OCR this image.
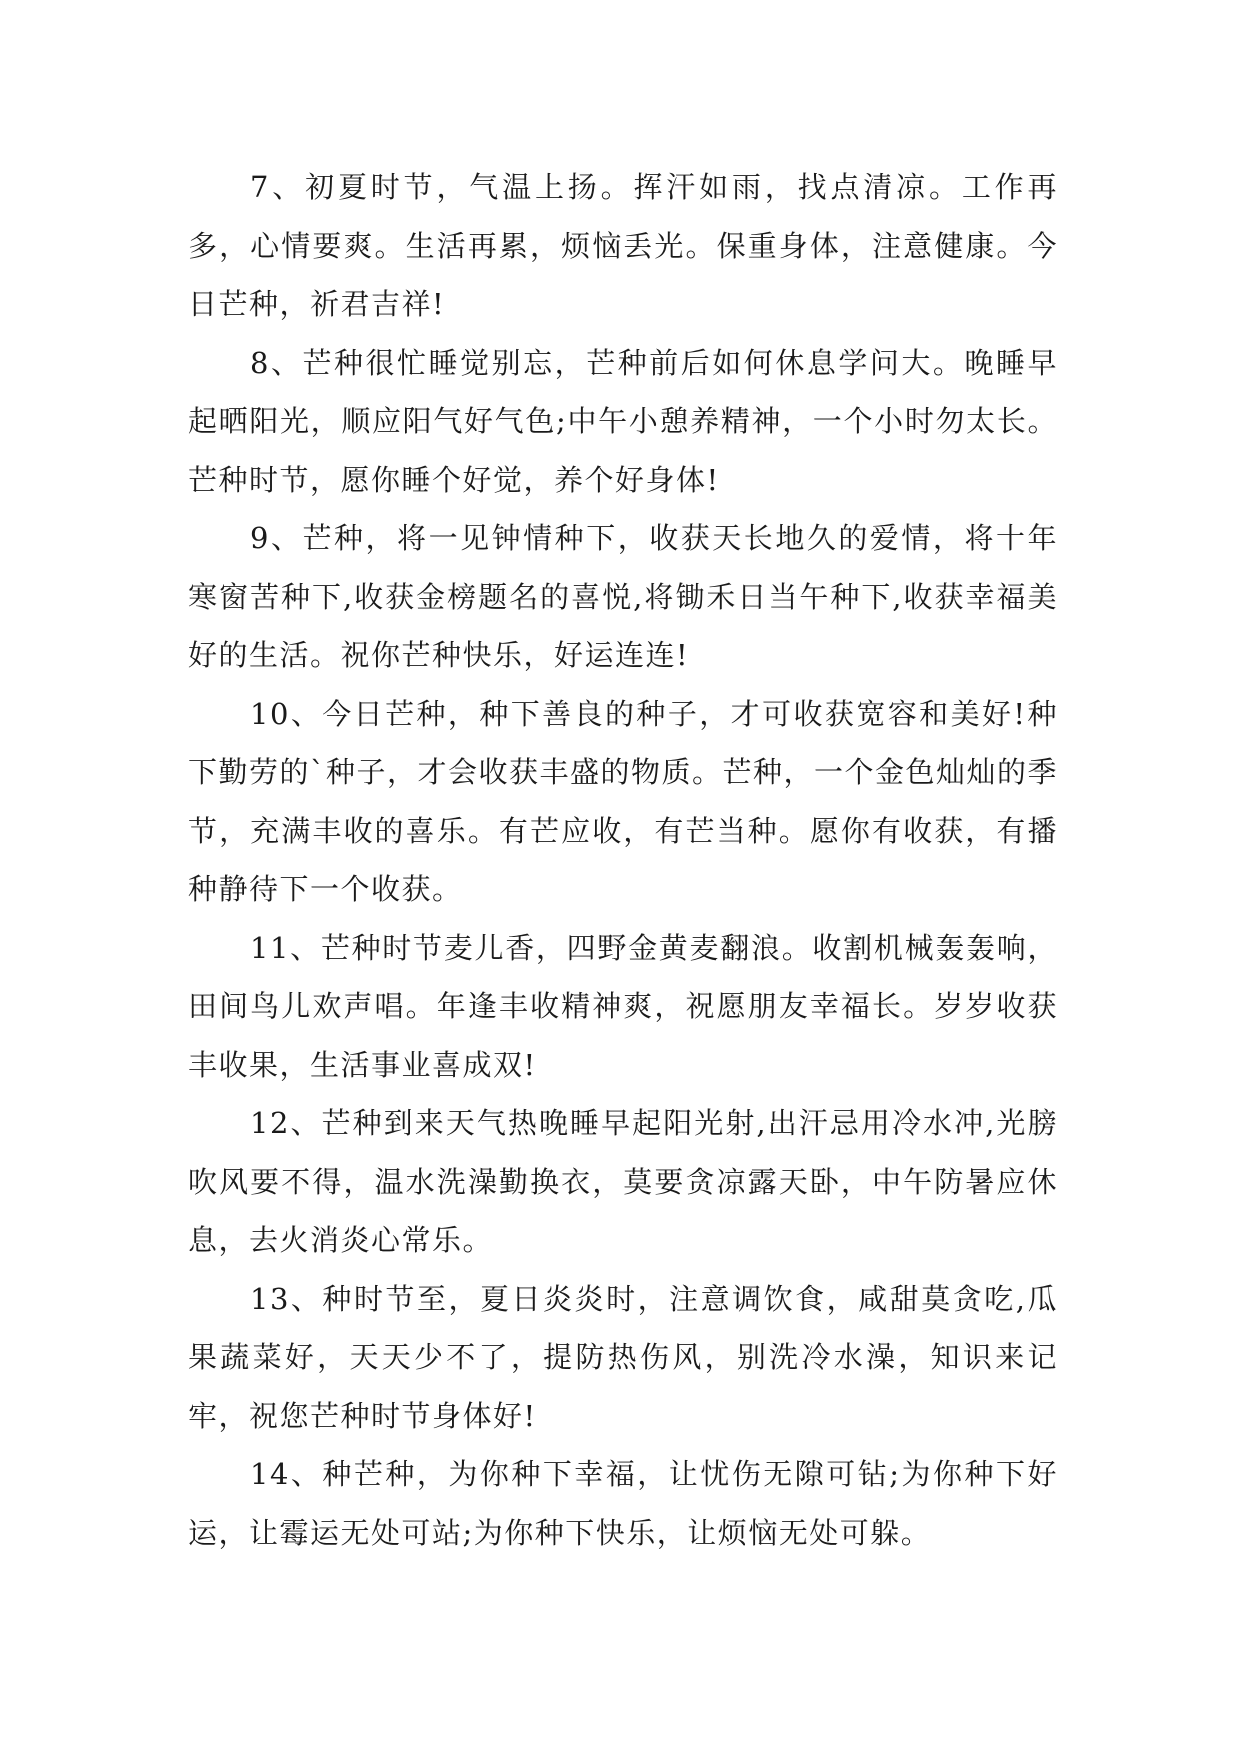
7、初夏时节，气温上扬。挥汗如雨，找点清凉。工作再多，心情要爽。生活再累，烦恼丢光。保重身体，注意健康。今日芒种，祈君吉祥!

8、芒种很忙睡觉别忘，芒种前后如何休息学问大。晚睡早起晒阳光，顺应阳气好气色;中午小憩养精神，一个小时勿太长。芒种时节，愿你睡个好觉，养个好身体!

9、芒种，将一见钟情种下，收获天长地久的爱情，将十年寒窗苦种下,收获金榜题名的喜悦,将锄禾日当午种下,收获幸福美好的生活。祝你芒种快乐，好运连连!

10、今日芒种，种下善良的种子，才可收获宽容和美好!种下勤劳的`种子，才会收获丰盛的物质。芒种，一个金色灿灿的季节，充满丰收的喜乐。有芒应收，有芒当种。愿你有收获，有播种静待下一个收获。

11、芒种时节麦儿香，四野金黄麦翻浪。收割机械轰轰响，田间鸟儿欢声唱。年逢丰收精神爽，祝愿朋友幸福长。岁岁收获丰收果，生活事业喜成双!

12、芒种到来天气热晚睡早起阳光射,出汗忌用冷水冲,光膀吹风要不得，温水洗澡勤换衣，莫要贪凉露天卧，中午防暑应休息，去火消炎心常乐。

13、种时节至，夏日炎炎时，注意调饮食，咸甜莫贪吃,瓜果蔬菜好，天天少不了，提防热伤风，别洗冷水澡，知识来记牢，祝您芒种时节身体好!

14、种芒种，为你种下幸福，让忧伤无隙可钻;为你种下好运，让霉运无处可站;为你种下快乐，让烦恼无处可躲。
